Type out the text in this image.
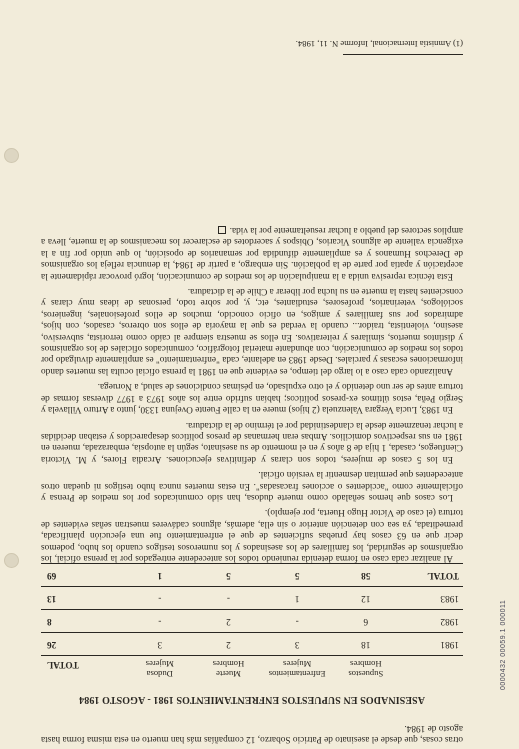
otras cosas, que desde el asesinato de Patricio Sobarzo, 12 compañías más han muerto en esta misma forma hasta agosto de 1984.
ASESINADOS EN SUPUESTOS ENFRENTAMIENTOS 1981 - AGOSTO 1984
Supuestos
Hombres
Enfrentamientos
Mujeres
Muerte
Hombres
Dudosa
Mujeres
TOTAL
1981
18
3
2
3
26
1982
6
-
2
-
8
1983
12
1
-
-
13
TOTAL
58
5
5
1
69

Al analizar cada caso en forma detenida reuniendo todos los antecedente entregados por la prensa oficial, los organismos de seguridad, los familiares de los asesinados y los numerosos testigos cuando los hubo, podemos decir que en 63 casos hay pruebas suficientes de que el enfrentamiento fue una ejecución planificada, premeditada, ya sea con detención anterior o sin ella, además, algunos cadáveres muestran señas evidentes de tortura (el caso de Víctor Hugo Huerta, por ejemplo).

Los casos que hemos señalado como muerte dudosa, han sido comunicados por los medios de Prensa y oficialmente como "accidentes o acciones fracasadas". En estas muertes nunca hubo testigos ni quedan otros antecedentes que permitan desmentir la versión oficial.

En los 5 casos de mujeres, todos son claras y definitivas ejecuciones. Arcadia Flores, y M. Victoria Cienfuegos, casada, 1 hija de 8 años y en el momento de su asesinato, según la autopsia, embarazada, mueren en 1981 en sus respectivos domicilios. Ambas eran hermanas de presos políticos desaparecidos y estaban decididas a luchar tenazmente desde la clandestinidad por el término de la dictadura.

En 1983, Lucía Vergara Valenzuela (2 hijos) muere en la calle Fuente Ovejuna 1330, junto a Arturo Villavela y Sergio Peña, estos últimos ex-presos políticos; habían sufrido entre los años 1973 a 1977 diversas formas de tortura antes de ser uno detenido y el otro expulsado, en pésimas condiciones de salud, a Noruega.

Analizando cada caso a lo largo del tiempo, es evidente que en 1981 la prensa oficial oculta las muertes dando informaciones escasas y parciales. Desde 1983 en adelante, cada "enfrentamiento" es ampliamente divulgado por todos los medios de comunicación, con abundante material fotográfico, comunicados oficiales de los organismos y distintos muertos, similares y reiterativos. En ellos se muestra siempre al caído como terrorista, subversivo, asesino, violentista, traidor... cuando la verdad es que la mayoría de ellos son obreros, casados, con hijos, admirados por sus familiares y amigos, en oficio conocido, muchos de ellos profesionales, ingenieros, sociólogos, veterinarios, profesores, estudiantes, etc, y, por sobre todo, personas de ideas muy claras y conscientes hasta la muerte en su lucha por liberar a Chile de la dictadura.

Esta técnica represiva unida a la manipulación de los medios de comunicación, logró provocar rápidamente la aceptación y apatía por parte de la población. Sin embargo, a partir de 1984, la denuncia refleja los organismos de Derechos Humanos y es ampliamente difundida por semanarios de oposición, lo que unido por fin a la exigencia valiente de algunos Vicarios, Obispos y sacerdotes de esclarecer los mecanismos de la muerte, lleva a amplios sectores del pueblo a luchar resueltamente por la vida.

(1) Amnistía Internacional, Informe N. 11, 1984.
0000432 00059.1 000011
